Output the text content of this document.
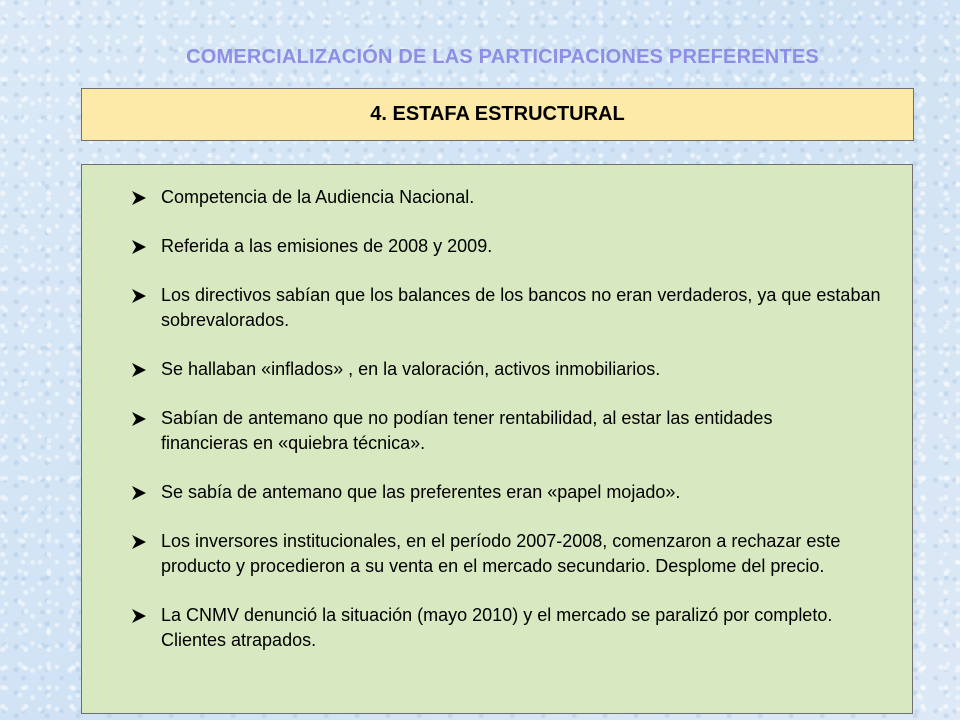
COMERCIALIZACIÓN DE LAS PARTICIPACIONES PREFERENTES
4. ESTAFA ESTRUCTURAL
Competencia de la Audiencia Nacional.
Referida a las emisiones de 2008 y 2009.
Los directivos sabían que los balances de los bancos no eran verdaderos, ya que estaban sobrevalorados.
Se hallaban «inflados» , en la valoración, activos inmobiliarios.
Sabían de antemano que no podían tener rentabilidad, al estar las entidades financieras en «quiebra técnica».
Se sabía de antemano que las preferentes eran «papel mojado».
Los inversores institucionales, en el período 2007-2008, comenzaron a rechazar este producto y procedieron a su venta en el mercado secundario. Desplome del precio.
La CNMV denunció la situación (mayo 2010) y el mercado se paralizó por completo. Clientes atrapados.
